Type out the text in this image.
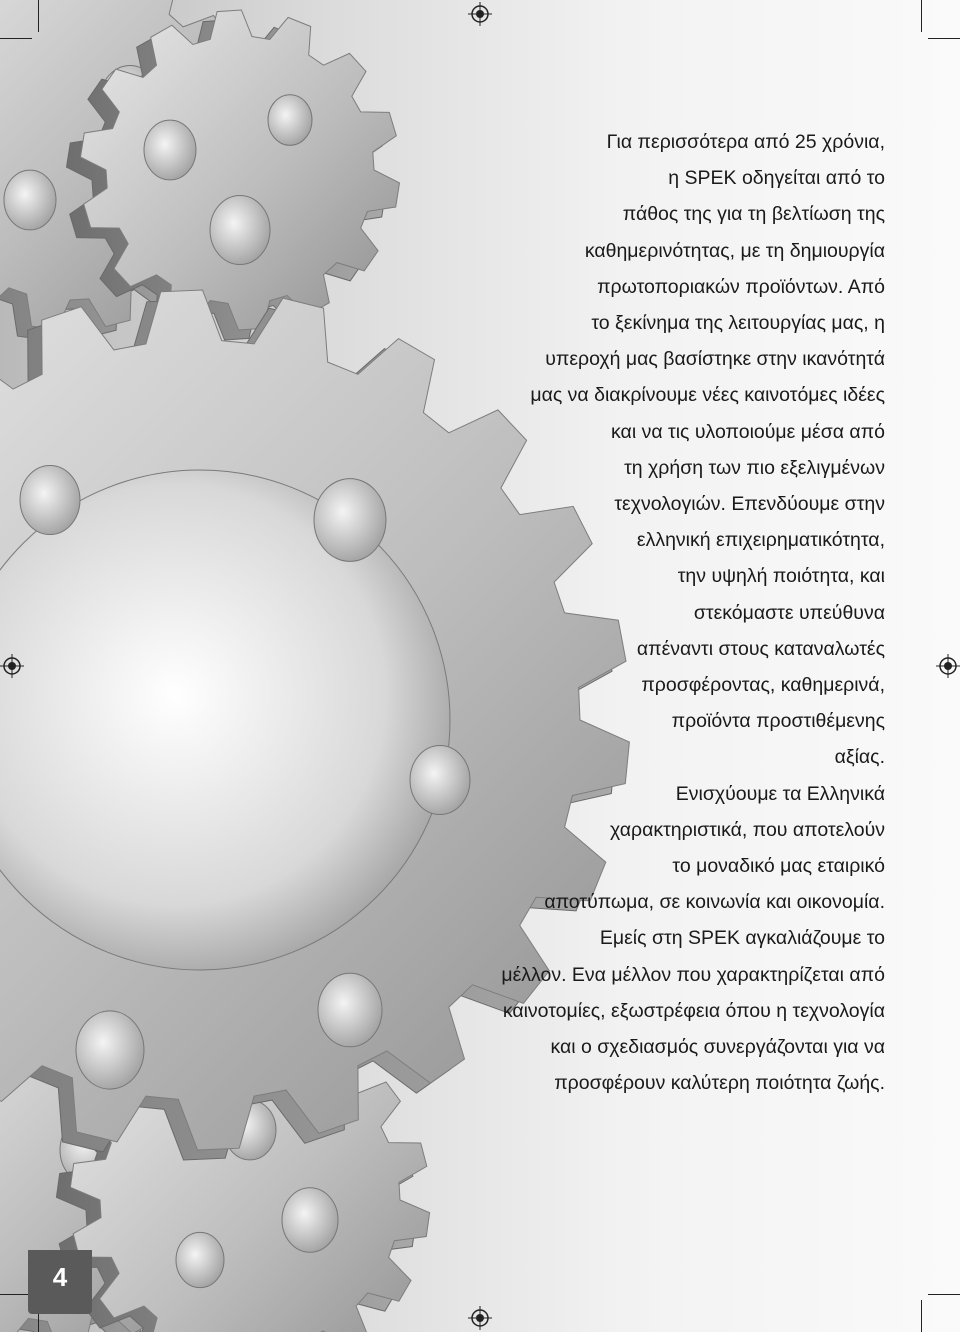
Για περισσότερα από 25 χρόνια,
η SPEK οδηγείται από το
πάθος της για τη βελτίωση της
καθημερινότητας, με τη δημιουργία
πρωτοποριακών προϊόντων. Από
το ξεκίνημα της λειτουργίας μας, η
υπεροχή μας βασίστηκε στην ικανότητά
μας να διακρίνουμε νέες καινοτόμες ιδέες
και να τις υλοποιούμε μέσα από
τη χρήση των πιο εξελιγμένων
τεχνολογιών. Επενδύουμε στην
ελληνική επιχειρηματικότητα,
την υψηλή ποιότητα, και
στεκόμαστε υπεύθυνα
απέναντι στους καταναλωτές
προσφέροντας, καθημερινά,
προϊόντα προστιθέμενης
αξίας.
Ενισχύουμε τα Ελληνικά
χαρακτηριστικά, που αποτελούν
το μοναδικό μας εταιρικό
αποτύπωμα, σε κοινωνία και οικονομία.
Εμείς στη SPEK αγκαλιάζουμε το
μέλλον. Ενα μέλλον που χαρακτηρίζεται από
καινοτομίες, εξωστρέφεια όπου η τεχνολογία
και ο σχεδιασμός συνεργάζονται για να
προσφέρουν καλύτερη ποιότητα ζωής.
4
